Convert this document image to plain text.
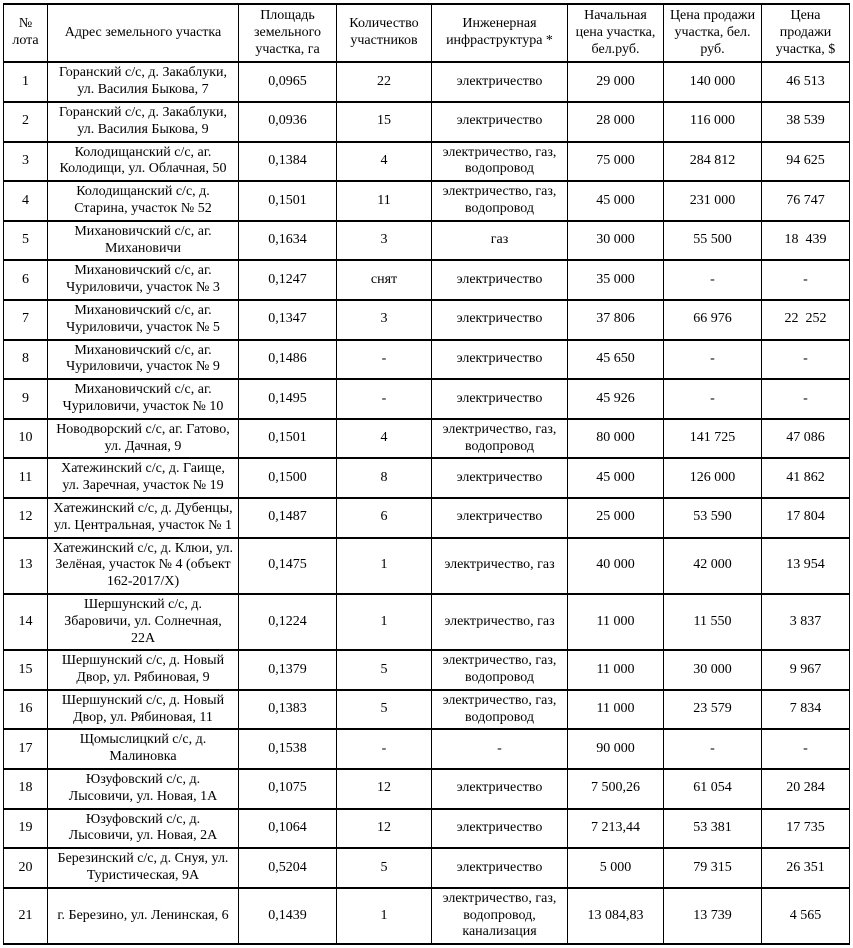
№ лота	Адрес земельного участка	Площадь земельного участка, га	Количество участников	Инженерная инфраструктура *	Начальная цена участка, бел.руб.	Цена продажи участка, бел. руб.	Цена продажи участка, $
1	Горанский с/с, д. Закаблуки, ул. Василия Быкова, 7	0,0965	22	электричество	29 000	140 000	46 513
2	Горанский с/с, д. Закаблуки, ул. Василия Быкова, 9	0,0936	15	электричество	28 000	116 000	38 539
3	Колодищанский с/с, аг. Колодищи, ул. Облачная, 50	0,1384	4	электричество, газ, водопровод	75 000	284 812	94 625
4	Колодищанский с/с, д. Старина, участок № 52	0,1501	11	электричество, газ, водопровод	45 000	231 000	76 747
5	Михановичский с/с, аг. Михановичи	0,1634	3	газ	30 000	55 500	18  439
6	Михановичский с/с, аг. Чуриловичи, участок № 3	0,1247	снят	электричество	35 000	-	-
7	Михановичский с/с, аг. Чуриловичи, участок № 5	0,1347	3	электричество	37 806	66 976	22  252
8	Михановичский с/с, аг. Чуриловичи, участок № 9	0,1486	-	электричество	45 650	-	-
9	Михановичский с/с, аг. Чуриловичи, участок № 10	0,1495	-	электричество	45 926	-	-
10	Новодворский с/с, аг. Гатово, ул. Дачная, 9	0,1501	4	электричество, газ, водопровод	80 000	141 725	47 086
11	Хатежинский с/с, д. Гаище, ул. Заречная, участок № 19	0,1500	8	электричество	45 000	126 000	41 862
12	Хатежинский с/с, д. Дубенцы, ул. Центральная, участок № 1	0,1487	6	электричество	25 000	53 590	17 804
13	Хатежинский с/с, д. Клюи, ул. Зелёная, участок № 4 (объект 162-2017/Х)	0,1475	1	электричество, газ	40 000	42 000	13 954
14	Шершунский с/с, д. Збаровичи, ул. Солнечная, 22А	0,1224	1	электричество, газ	11 000	11 550	3 837
15	Шершунский с/с, д. Новый Двор, ул. Рябиновая, 9	0,1379	5	электричество, газ, водопровод	11 000	30 000	9 967
16	Шершунский с/с, д. Новый Двор, ул. Рябиновая, 11	0,1383	5	электричество, газ, водопровод	11 000	23 579	7 834
17	Щомыслицкий с/с, д. Малиновка	0,1538	-	-	90 000	-	-
18	Юзуфовский с/с, д. Лысовичи, ул. Новая, 1А	0,1075	12	электричество	7 500,26	61 054	20 284
19	Юзуфовский с/с, д. Лысовичи, ул. Новая, 2А	0,1064	12	электричество	7 213,44	53 381	17 735
20	Березинский с/с, д. Снуя, ул. Туристическая, 9А	0,5204	5	электричество	5 000	79 315	26 351
21	г. Березино, ул. Ленинская, 6	0,1439	1	электричество, газ, водопровод, канализация	13 084,83	13 739	4 565
